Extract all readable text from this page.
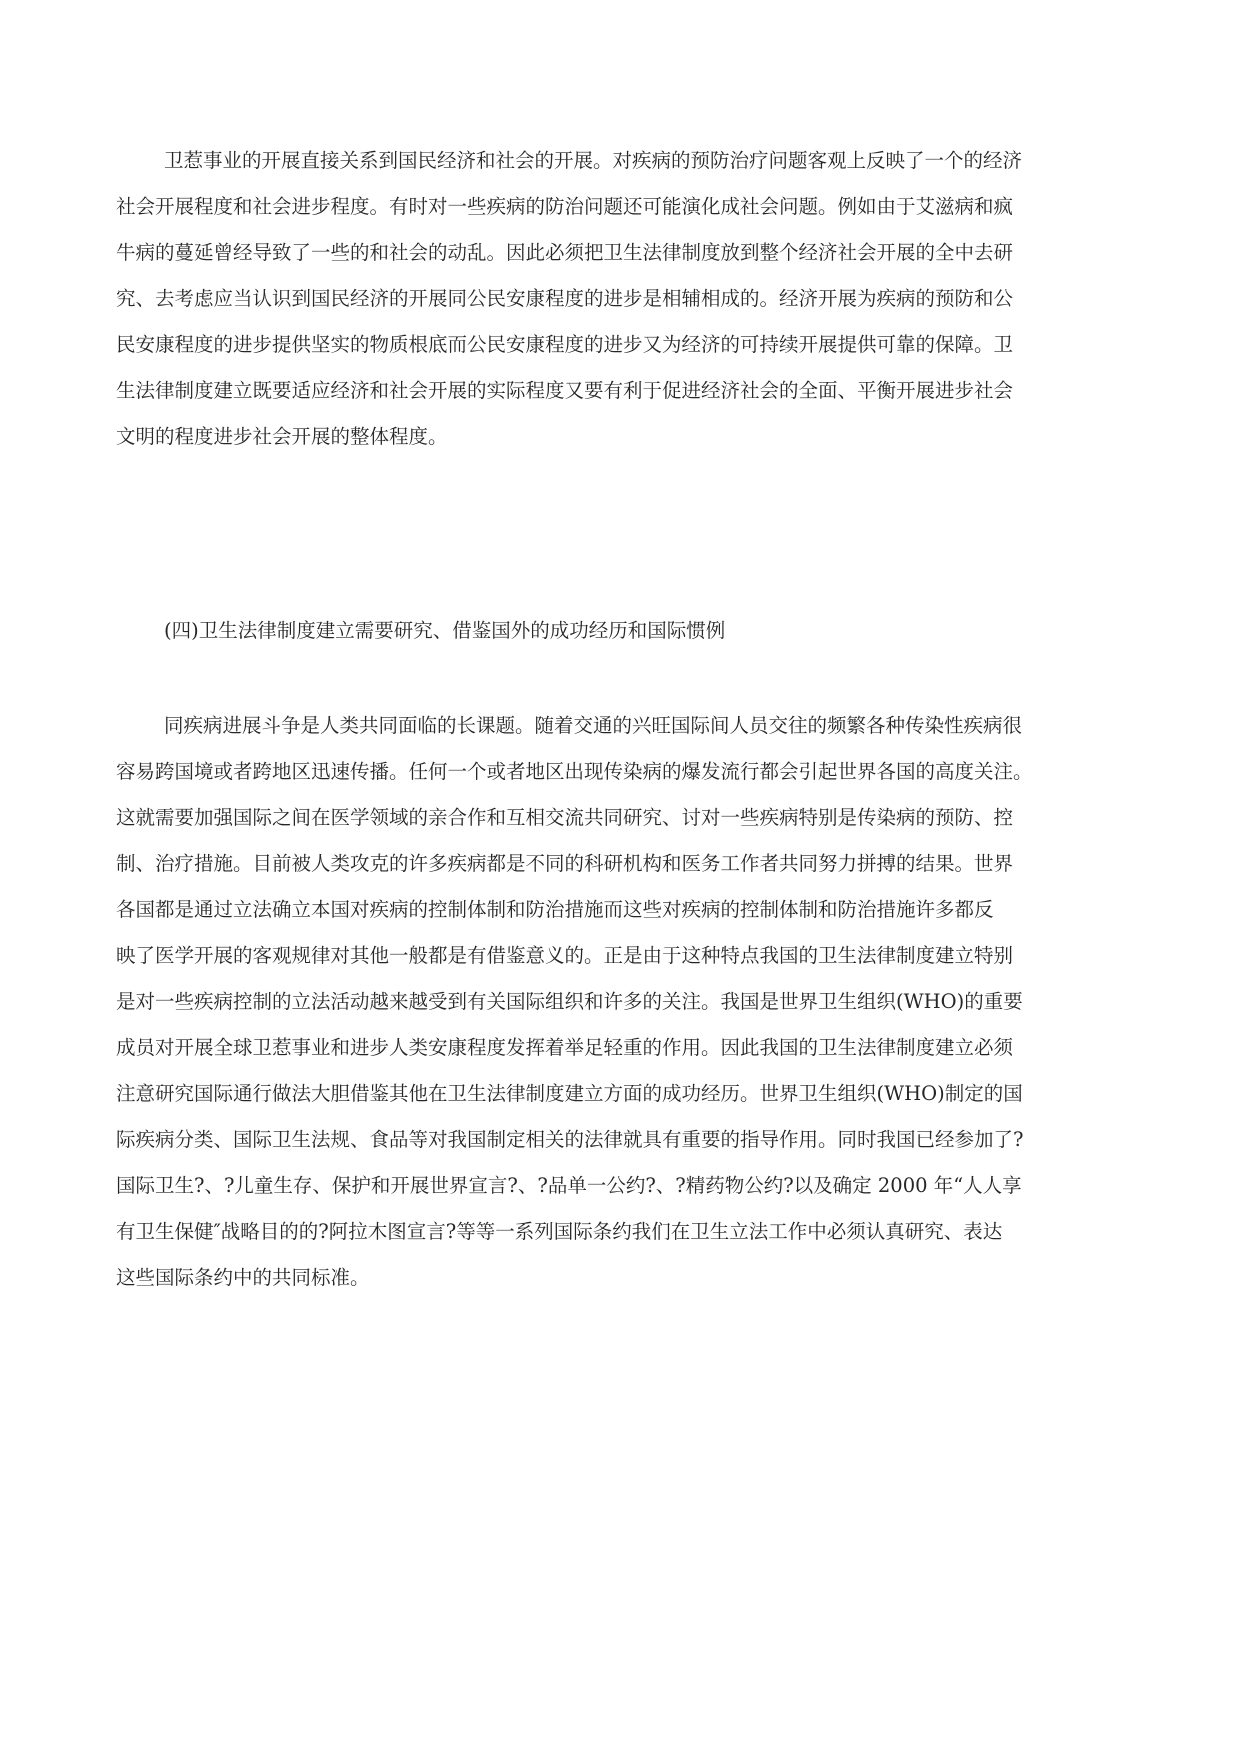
卫惹事业的开展直接关系到国民经济和社会的开展。对疾病的预防治疗问题客观上反映了一个的经济
社会开展程度和社会进步程度。有时对一些疾病的防治问题还可能演化成社会问题。例如由于艾滋病和疯
牛病的蔓延曾经导致了一些的和社会的动乱。因此必须把卫生法律制度放到整个经济社会开展的全中去研
究、去考虑应当认识到国民经济的开展同公民安康程度的进步是相辅相成的。经济开展为疾病的预防和公
民安康程度的进步提供坚实的物质根底而公民安康程度的进步又为经济的可持续开展提供可靠的保障。卫
生法律制度建立既要适应经济和社会开展的实际程度又要有利于促进经济社会的全面、平衡开展进步社会
文明的程度进步社会开展的整体程度。
(四)卫生法律制度建立需要研究、借鉴国外的成功经历和国际惯例
同疾病进展斗争是人类共同面临的长课题。随着交通的兴旺国际间人员交往的频繁各种传染性疾病很
容易跨国境或者跨地区迅速传播。任何一个或者地区出现传染病的爆发流行都会引起世界各国的高度关注。
这就需要加强国际之间在医学领域的亲合作和互相交流共同研究、讨对一些疾病特别是传染病的预防、控
制、治疗措施。目前被人类攻克的许多疾病都是不同的科研机构和医务工作者共同努力拼搏的结果。世界
各国都是通过立法确立本国对疾病的控制体制和防治措施而这些对疾病的控制体制和防治措施许多都反
映了医学开展的客观规律对其他一般都是有借鉴意义的。正是由于这种特点我国的卫生法律制度建立特别
是对一些疾病控制的立法活动越来越受到有关国际组织和许多的关注。我国是世界卫生组织(WHO)的重要
成员对开展全球卫惹事业和进步人类安康程度发挥着举足轻重的作用。因此我国的卫生法律制度建立必须
注意研究国际通行做法大胆借鉴其他在卫生法律制度建立方面的成功经历。世界卫生组织(WHO)制定的国
际疾病分类、国际卫生法规、食品等对我国制定相关的法律就具有重要的指导作用。同时我国已经参加了?
国际卫生?、?儿童生存、保护和开展世界宣言?、?品单一公约?、?精药物公约?以及确定 2000 年“人人享
有卫生保健″战略目的的?阿拉木图宣言?等等一系列国际条约我们在卫生立法工作中必须认真研究、表达
这些国际条约中的共同标准。
